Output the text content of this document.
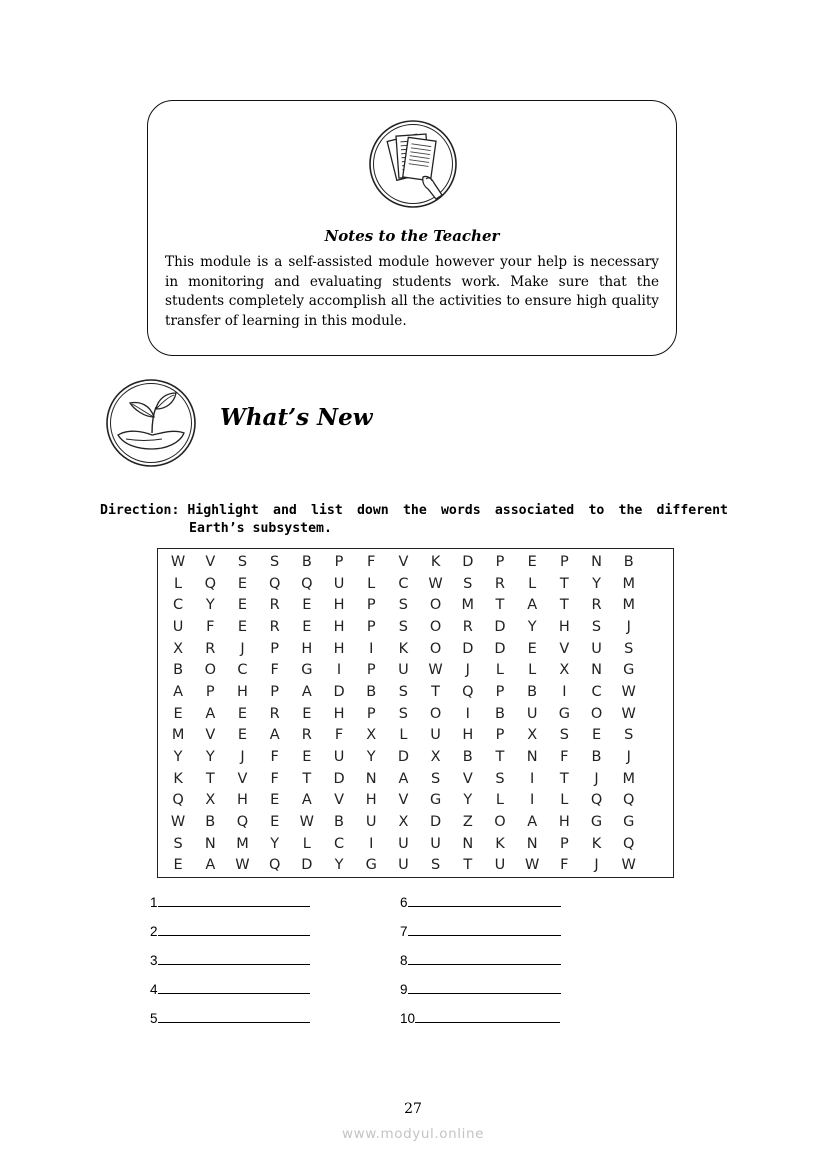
Notes to the Teacher

This module is a self-assisted module however your help is necessary in monitoring and evaluating students work. Make sure that the students completely accomplish all the activities to ensure high quality transfer of learning in this module.

What’s New
Direction:
Highlight and list down the words associated to the different
Earth’s subsystem.
W	V	S	S	B	P	F	V	K	D	P	E	P	N	B
L	Q	E	Q	Q	U	L	C	W	S	R	L	T	Y	M
C	Y	E	R	E	H	P	S	O	M	T	A	T	R	M
U	F	E	R	E	H	P	S	O	R	D	Y	H	S	J
X	R	J	P	H	H	I	K	O	D	D	E	V	U	S
B	O	C	F	G	I	P	U	W	J	L	L	X	N	G
A	P	H	P	A	D	B	S	T	Q	P	B	I	C	W
E	A	E	R	E	H	P	S	O	I	B	U	G	O	W
M	V	E	A	R	F	X	L	U	H	P	X	S	E	S
Y	Y	J	F	E	U	Y	D	X	B	T	N	F	B	J
K	T	V	F	T	D	N	A	S	V	S	I	T	J	M
Q	X	H	E	A	V	H	V	G	Y	L	I	L	Q	Q
W	B	Q	E	W	B	U	X	D	Z	O	A	H	G	G
S	N	M	Y	L	C	I	U	U	N	K	N	P	K	Q
E	A	W	Q	D	Y	G	U	S	T	U	W	F	J	W
1
2
3
4
5
6
7
8
9
10
27
www.modyul.online
